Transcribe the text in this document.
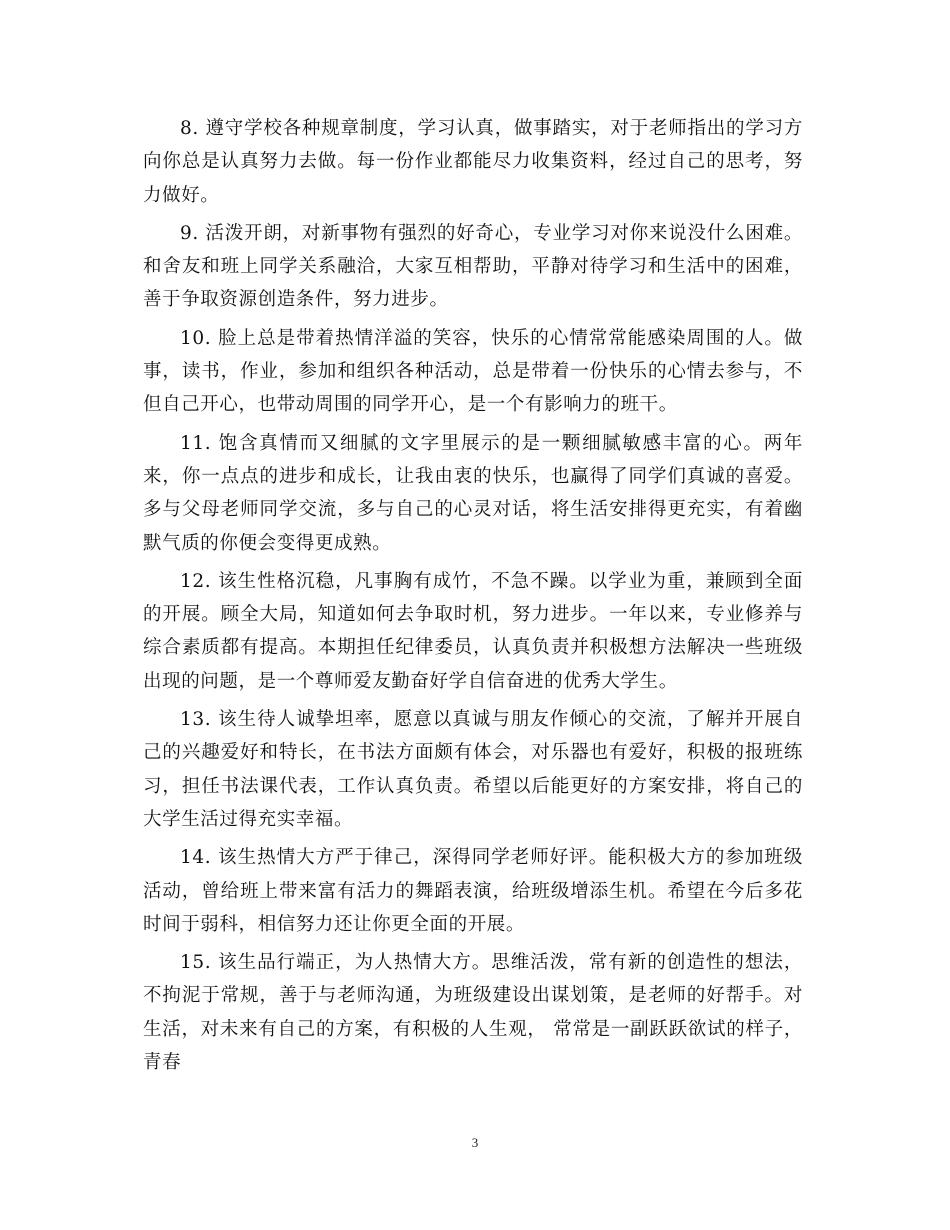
8. 遵守学校各种规章制度，学习认真，做事踏实，对于老师指出的学习方向你总是认真努力去做。每一份作业都能尽力收集资料，经过自己的思考，努力做好。

9. 活泼开朗，对新事物有强烈的好奇心，专业学习对你来说没什么困难。和舍友和班上同学关系融洽，大家互相帮助，平静对待学习和生活中的困难，善于争取资源创造条件，努力进步。

10. 脸上总是带着热情洋溢的笑容，快乐的心情常常能感染周围的人。做事，读书，作业，参加和组织各种活动，总是带着一份快乐的心情去参与，不但自己开心，也带动周围的同学开心，是一个有影响力的班干。

11. 饱含真情而又细腻的文字里展示的是一颗细腻敏感丰富的心。两年来，你一点点的进步和成长，让我由衷的快乐，也赢得了同学们真诚的喜爱。多与父母老师同学交流，多与自己的心灵对话，将生活安排得更充实，有着幽默气质的你便会变得更成熟。

12. 该生性格沉稳，凡事胸有成竹，不急不躁。以学业为重，兼顾到全面的开展。顾全大局，知道如何去争取时机，努力进步。一年以来，专业修养与综合素质都有提高。本期担任纪律委员，认真负责并积极想方法解决一些班级出现的问题，是一个尊师爱友勤奋好学自信奋进的优秀大学生。

13. 该生待人诚挚坦率，愿意以真诚与朋友作倾心的交流，了解并开展自己的兴趣爱好和特长，在书法方面颇有体会，对乐器也有爱好，积极的报班练习，担任书法课代表，工作认真负责。希望以后能更好的方案安排，将自己的大学生活过得充实幸福。

14. 该生热情大方严于律己，深得同学老师好评。能积极大方的参加班级活动，曾给班上带来富有活力的舞蹈表演，给班级增添生机。希望在今后多花时间于弱科，相信努力还让你更全面的开展。

15. 该生品行端正，为人热情大方。思维活泼，常有新的创造性的想法，不拘泥于常规，善于与老师沟通，为班级建设出谋划策，是老师的好帮手。对生活，对未来有自己的方案，有积极的人生观， 常常是一副跃跃欲试的样子，青春

3
